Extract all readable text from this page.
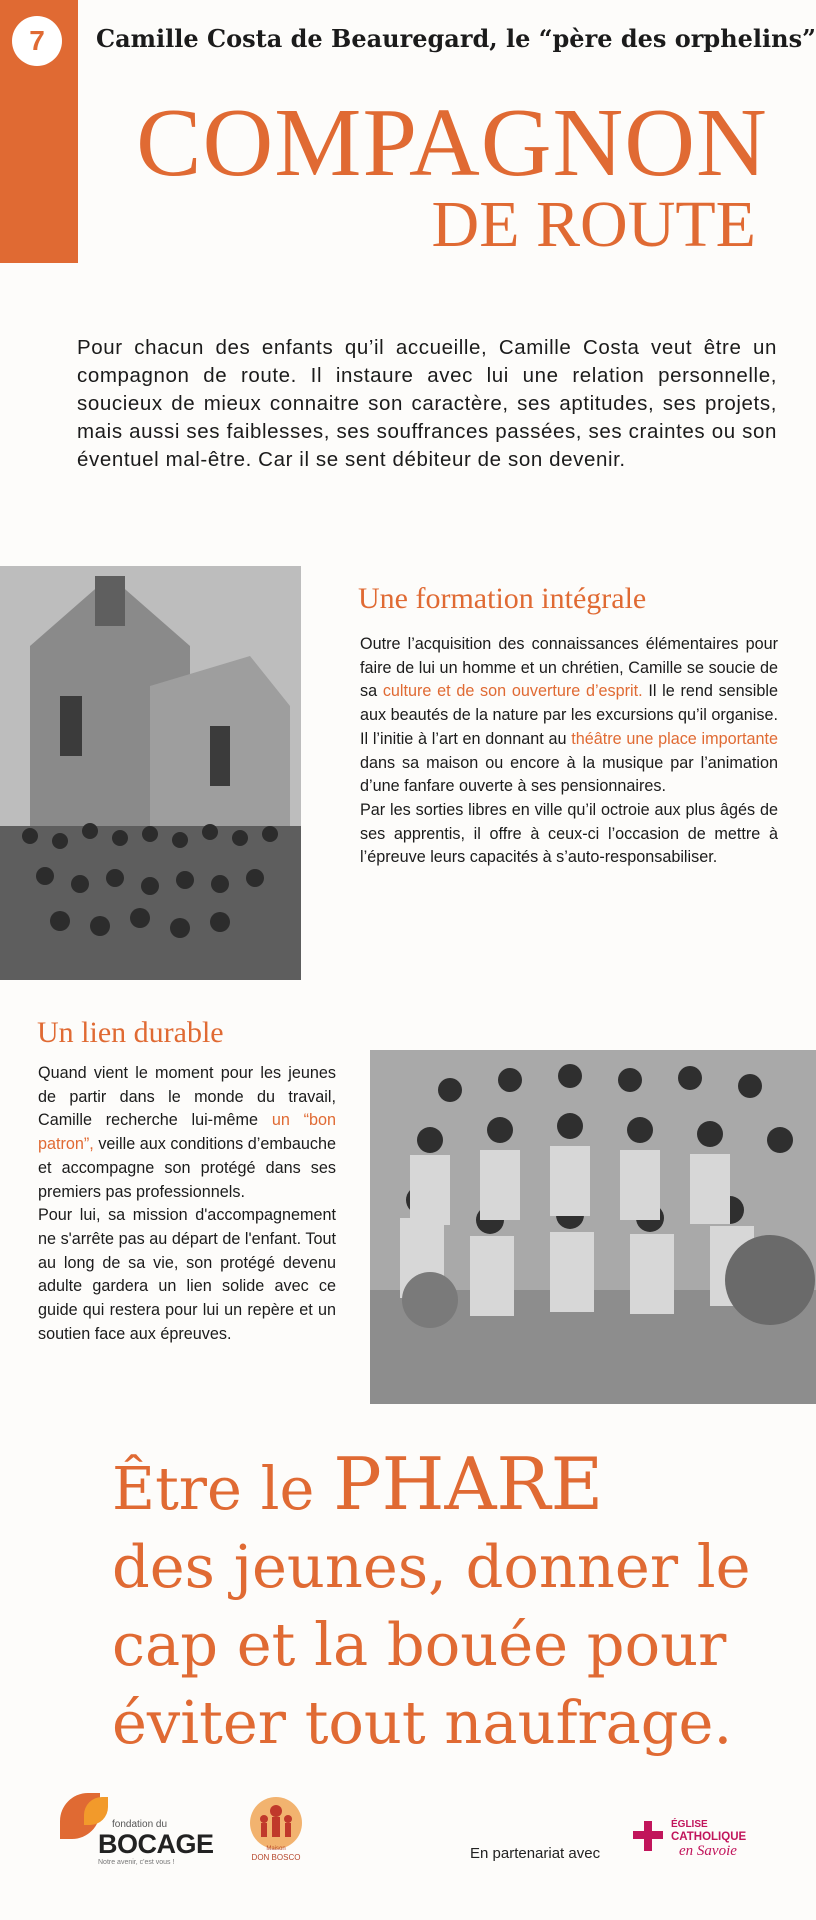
7	Camille Costa de Beauregard, le “père des orphelins”
COMPAGNON
DE ROUTE
Pour chacun des enfants qu’il accueille, Camille Costa veut être un compagnon de route. Il instaure avec lui une relation personnelle, soucieux de mieux connaitre son caractère, ses aptitudes, ses projets, mais aussi ses faiblesses, ses souffrances passées, ses craintes ou son éventuel mal-être. Car il se sent débiteur de son devenir.
Une formation intégrale

Outre l’acquisition des connaissances élémentaires pour faire de lui un homme et un chrétien, Camille se soucie de sa culture et de son ouverture d’esprit. Il le rend sensible aux beautés de la nature par les excursions qu’il organise. Il l’initie à l’art en donnant au théâtre une place importante dans sa maison ou encore à la musique par l’animation d’une fanfare ouverte à ses pensionnaires.

Par les sorties libres en ville qu’il octroie aux plus âgés de ses apprentis, il offre à ceux-ci l’occasion de mettre à l’épreuve leurs capacités à s’auto-responsabiliser.

Un lien durable

Quand vient le moment pour les jeunes de partir dans le monde du travail, Camille recherche lui-même un “bon patron”, veille aux conditions d’embauche et accompagne son protégé dans ses premiers pas professionnels.

Pour lui, sa mission d'accompagnement ne s'arrête pas au départ de l'enfant. Tout au long de sa vie, son protégé devenu adulte gardera un lien solide avec ce guide qui restera pour lui un repère et un soutien face aux épreuves.

Être le PHARE
des jeunes, donner le
cap et la bouée pour
éviter tout naufrage.
fondation du
BOCAGE
Notre avenir, c'est vous !
Maison
DON BOSCO	En partenariat avec
ÉGLISE
CATHOLIQUE
en Savoie
